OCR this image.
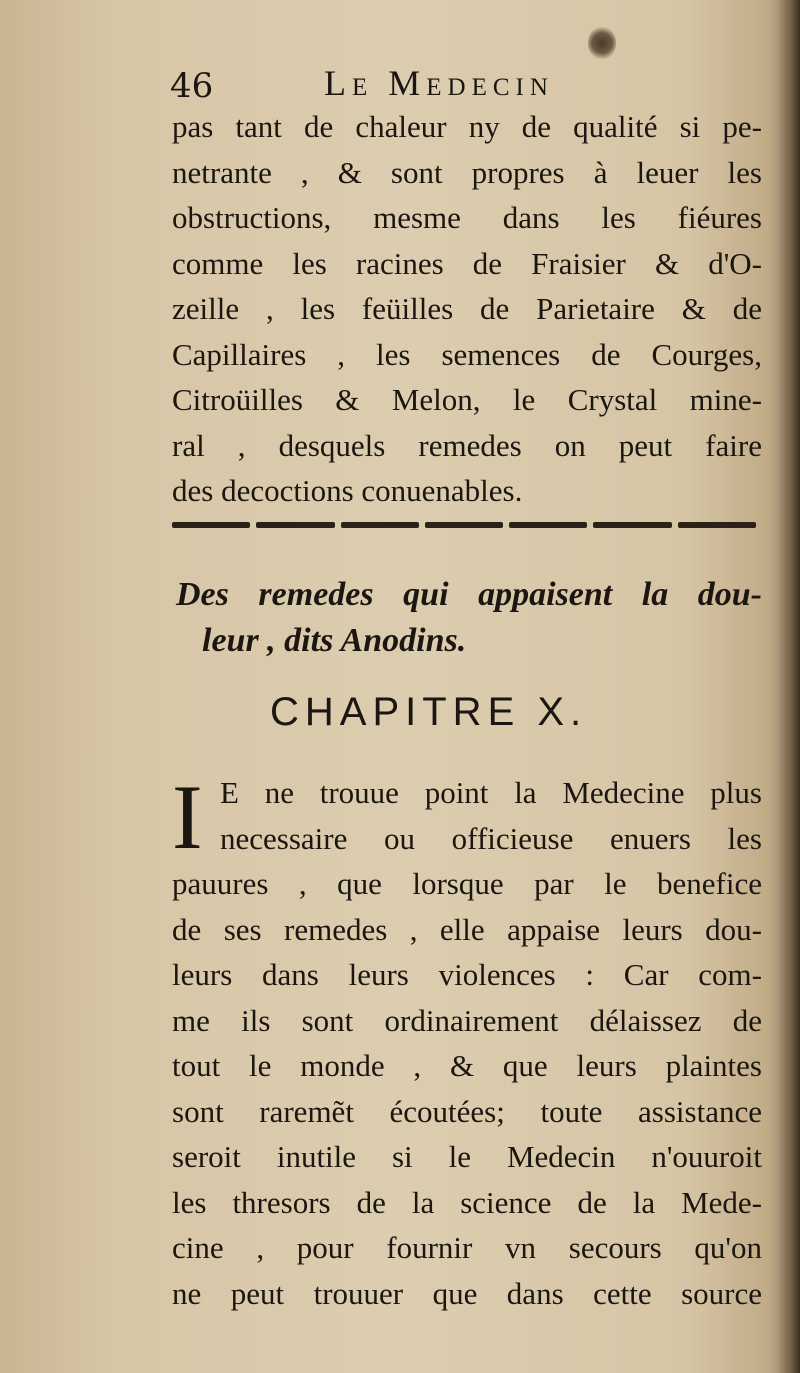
46	Le Medecin
pas tant de chaleur ny de qualité si pe-
netrante , & sont propres à leuer les
obstructions, mesme dans les fiéures
comme les racines de Fraisier & d'O-
zeille , les feüilles de Parietaire & de
Capillaires , les semences de Courges,
Citroüilles & Melon, le Crystal mine-
ral , desquels remedes on peut faire
des decoctions conuenables.
Des remedes qui appaisent la dou-
leur , dits Anodins.
CHAPITRE X.
I E ne trouue point la Medecine plus
necessaire ou officieuse enuers les
pauures , que lorsque par le benefice
de ses remedes , elle appaise leurs dou-
leurs dans leurs violences : Car com-
me ils sont ordinairement délaissez de
tout le monde , & que leurs plaintes
sont raremẽt écoutées; toute assistance
seroit inutile si le Medecin n'ouuroit
les thresors de la science de la Mede-
cine , pour fournir vn secours qu'on
ne peut trouuer que dans cette source
